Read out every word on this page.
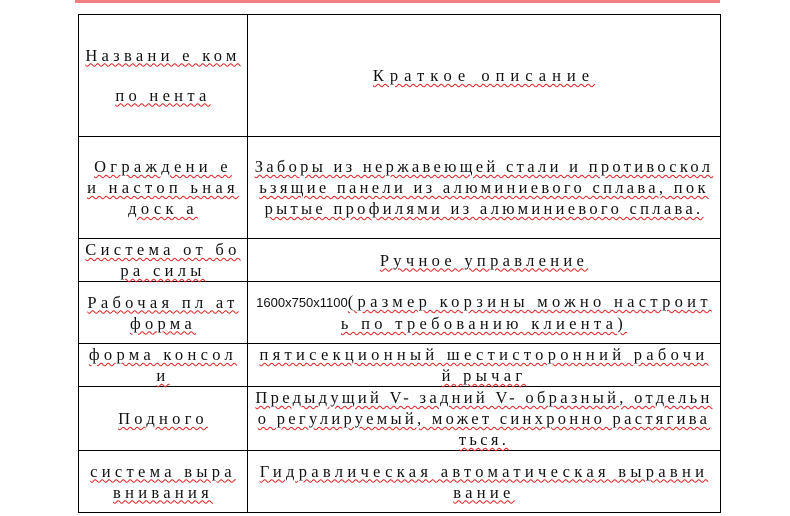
Названи е компо нента	Краткое описание
Ограждени е и настоп ьная доск а	Заборы из нержавеющей стали и противоскользящие панели из алюминиевого сплава, покрытые профилями из алюминиевого сплава.
Система от бора силы	Ручное управление
Рабочая пл атформа	1600x750x1100(размер корзины можно настроить по требованию клиента)
форма консоли	пятисекционный шестисторонний рабочий рычаг
Подного	Предыдущий V- задний V- образный, отдельно регулируемый, может синхронно растягиваться.
система выравнивания	Гидравлическая автоматическая выравнивание
